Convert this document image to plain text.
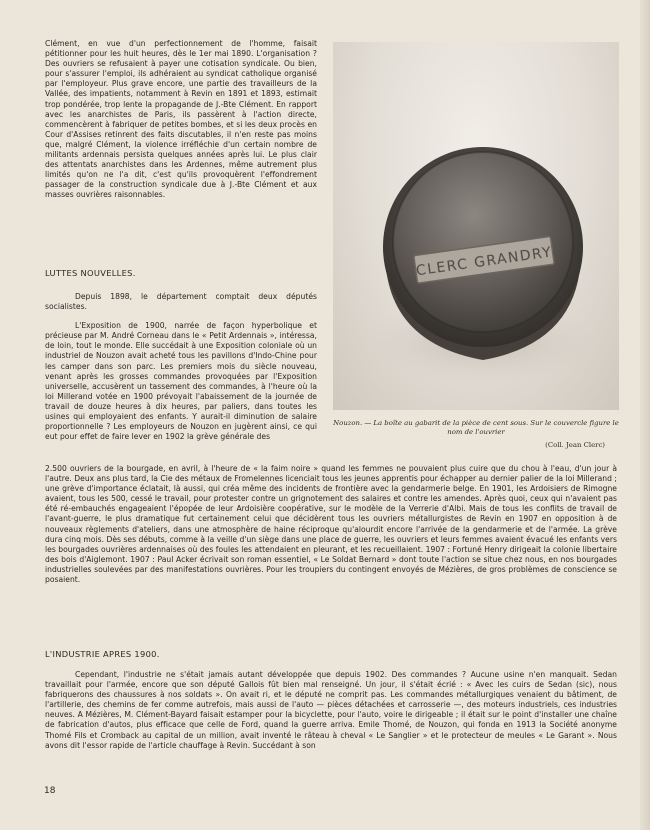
Clément, en vue d'un perfectionnement de l'homme, faisait pétitionner pour les huit heures, dès le 1er mai 1890. L'organisation ? Des ouvriers se refusaient à payer une cotisation syndicale. Ou bien, pour s'assurer l'emploi, ils adhéraient au syndicat catholique organisé par l'employeur. Plus grave encore, une partie des travailleurs de la Vallée, des impatients, notamment à Revin en 1891 et 1893, estimait trop pondérée, trop lente la propagande de J.-Bte Clément. En rapport avec les anarchistes de Paris, ils passèrent à l'action directe, commencèrent à fabriquer de petites bombes, et si les deux procès en Cour d'Assises retinrent des faits discutables, il n'en reste pas moins que, malgré Clément, la violence irréfléchie d'un certain nombre de militants ardennais persista quelques années après lui. Le plus clair des attentats anarchistes dans les Ardennes, même autrement plus limités qu'on ne l'a dit, c'est qu'ils provoquèrent l'effondrement passager de la construction syndicale due à J.-Bte Clément et aux masses ouvrières raisonnables.

LUTTES NOUVELLES.

Depuis 1898, le département comptait deux députés socialistes.

L'Exposition de 1900, narrée de façon hyperbolique et précieuse par M. André Corneau dans le « Petit Ardennais », intéressa, de loin, tout le monde. Elle succédait à une Exposition coloniale où un industriel de Nouzon avait acheté tous les pavillons d'Indo-Chine pour les camper dans son parc. Les premiers mois du siècle nouveau, venant après les grosses commandes provoquées par l'Exposition universelle, accusèrent un tassement des commandes, à l'heure où la loi Millerand votée en 1900 prévoyait l'abaissement de la journée de travail de douze heures à dix heures, par paliers, dans toutes les usines qui employaient des enfants. Y aurait-il diminution de salaire proportionnelle ? Les employeurs de Nouzon en jugèrent ainsi, ce qui eut pour effet de faire lever en 1902 la grève générale des

2.500 ouvriers de la bourgade, en avril, à l'heure de « la faim noire » quand les femmes ne pouvaient plus cuire que du chou à l'eau, d'un jour à l'autre. Deux ans plus tard, la Cie des métaux de Fromelennes licenciait tous les jeunes apprentis pour échapper au dernier palier de la loi Millerand ; une grève d'importance éclatait, là aussi, qui créa même des incidents de frontière avec la gendarmerie belge. En 1901, les Ardoisiers de Rimogne avaient, tous les 500, cessé le travail, pour protester contre un grignotement des salaires et contre les amendes. Après quoi, ceux qui n'avaient pas été ré-embauchés engageaient l'épopée de leur Ardoisière coopérative, sur le modèle de la Verrerie d'Albi. Mais de tous les conflits de travail de l'avant-guerre, le plus dramatique fut certainement celui que décidèrent tous les ouvriers métallurgistes de Revin en 1907 en opposition à de nouveaux règlements d'ateliers, dans une atmosphère de haine réciproque qu'alourdit encore l'arrivée de la gendarmerie et de l'armée. La grève dura cinq mois. Dès ses débuts, comme à la veille d'un siège dans une place de guerre, les ouvriers et leurs femmes avaient évacué les enfants vers les bourgades ouvrières ardennaises où des foules les attendaient en pleurant, et les recueillaient. 1907 : Fortuné Henry dirigeait la colonie libertaire des bois d'Aiglemont. 1907 : Paul Acker écrivait son roman essentiel, « Le Soldat Bernard » dont toute l'action se situe chez nous, en nos bourgades industrielles soulevées par des manifestations ouvrières. Pour les troupiers du contingent envoyés de Mézières, de gros problèmes de conscience se posaient.

L'INDUSTRIE APRES 1900.

Cependant, l'industrie ne s'était jamais autant développée que depuis 1902. Des commandes ? Aucune usine n'en manquait. Sedan travaillait pour l'armée, encore que son député Gallois fût bien mal renseigné. Un jour, il s'était écrié : « Avec les cuirs de Sedan (sic), nous fabriquerons des chaussures à nos soldats ». On avait ri, et le député ne comprit pas. Les commandes métallurgiques venaient du bâtiment, de l'artillerie, des chemins de fer comme autrefois, mais aussi de l'auto — pièces détachées et carrosserie —, des moteurs industriels, ces industries neuves. A Mézières, M. Clément-Bayard faisait estamper pour la bicyclette, pour l'auto, voire le dirigeable ; il était sur le point d'installer une chaîne de fabrication d'autos, plus efficace que celle de Ford, quand la guerre arriva. Emile Thomé, de Nouzon, qui fonda en 1913 la Société anonyme Thomé Fils et Cromback au capital de un million, avait inventé le râteau à cheval « Le Sanglier » et le protecteur de meules « Le Garant ». Nous avons dit l'essor rapide de l'article chauffage à Revin. Succédant à son

CLERC GRANDRY
Nouzon. — La boîte au gabarit de la pièce de cent sous. Sur le couvercle figure le nom de l'ouvrier
(Coll. Jean Clerc)
18
